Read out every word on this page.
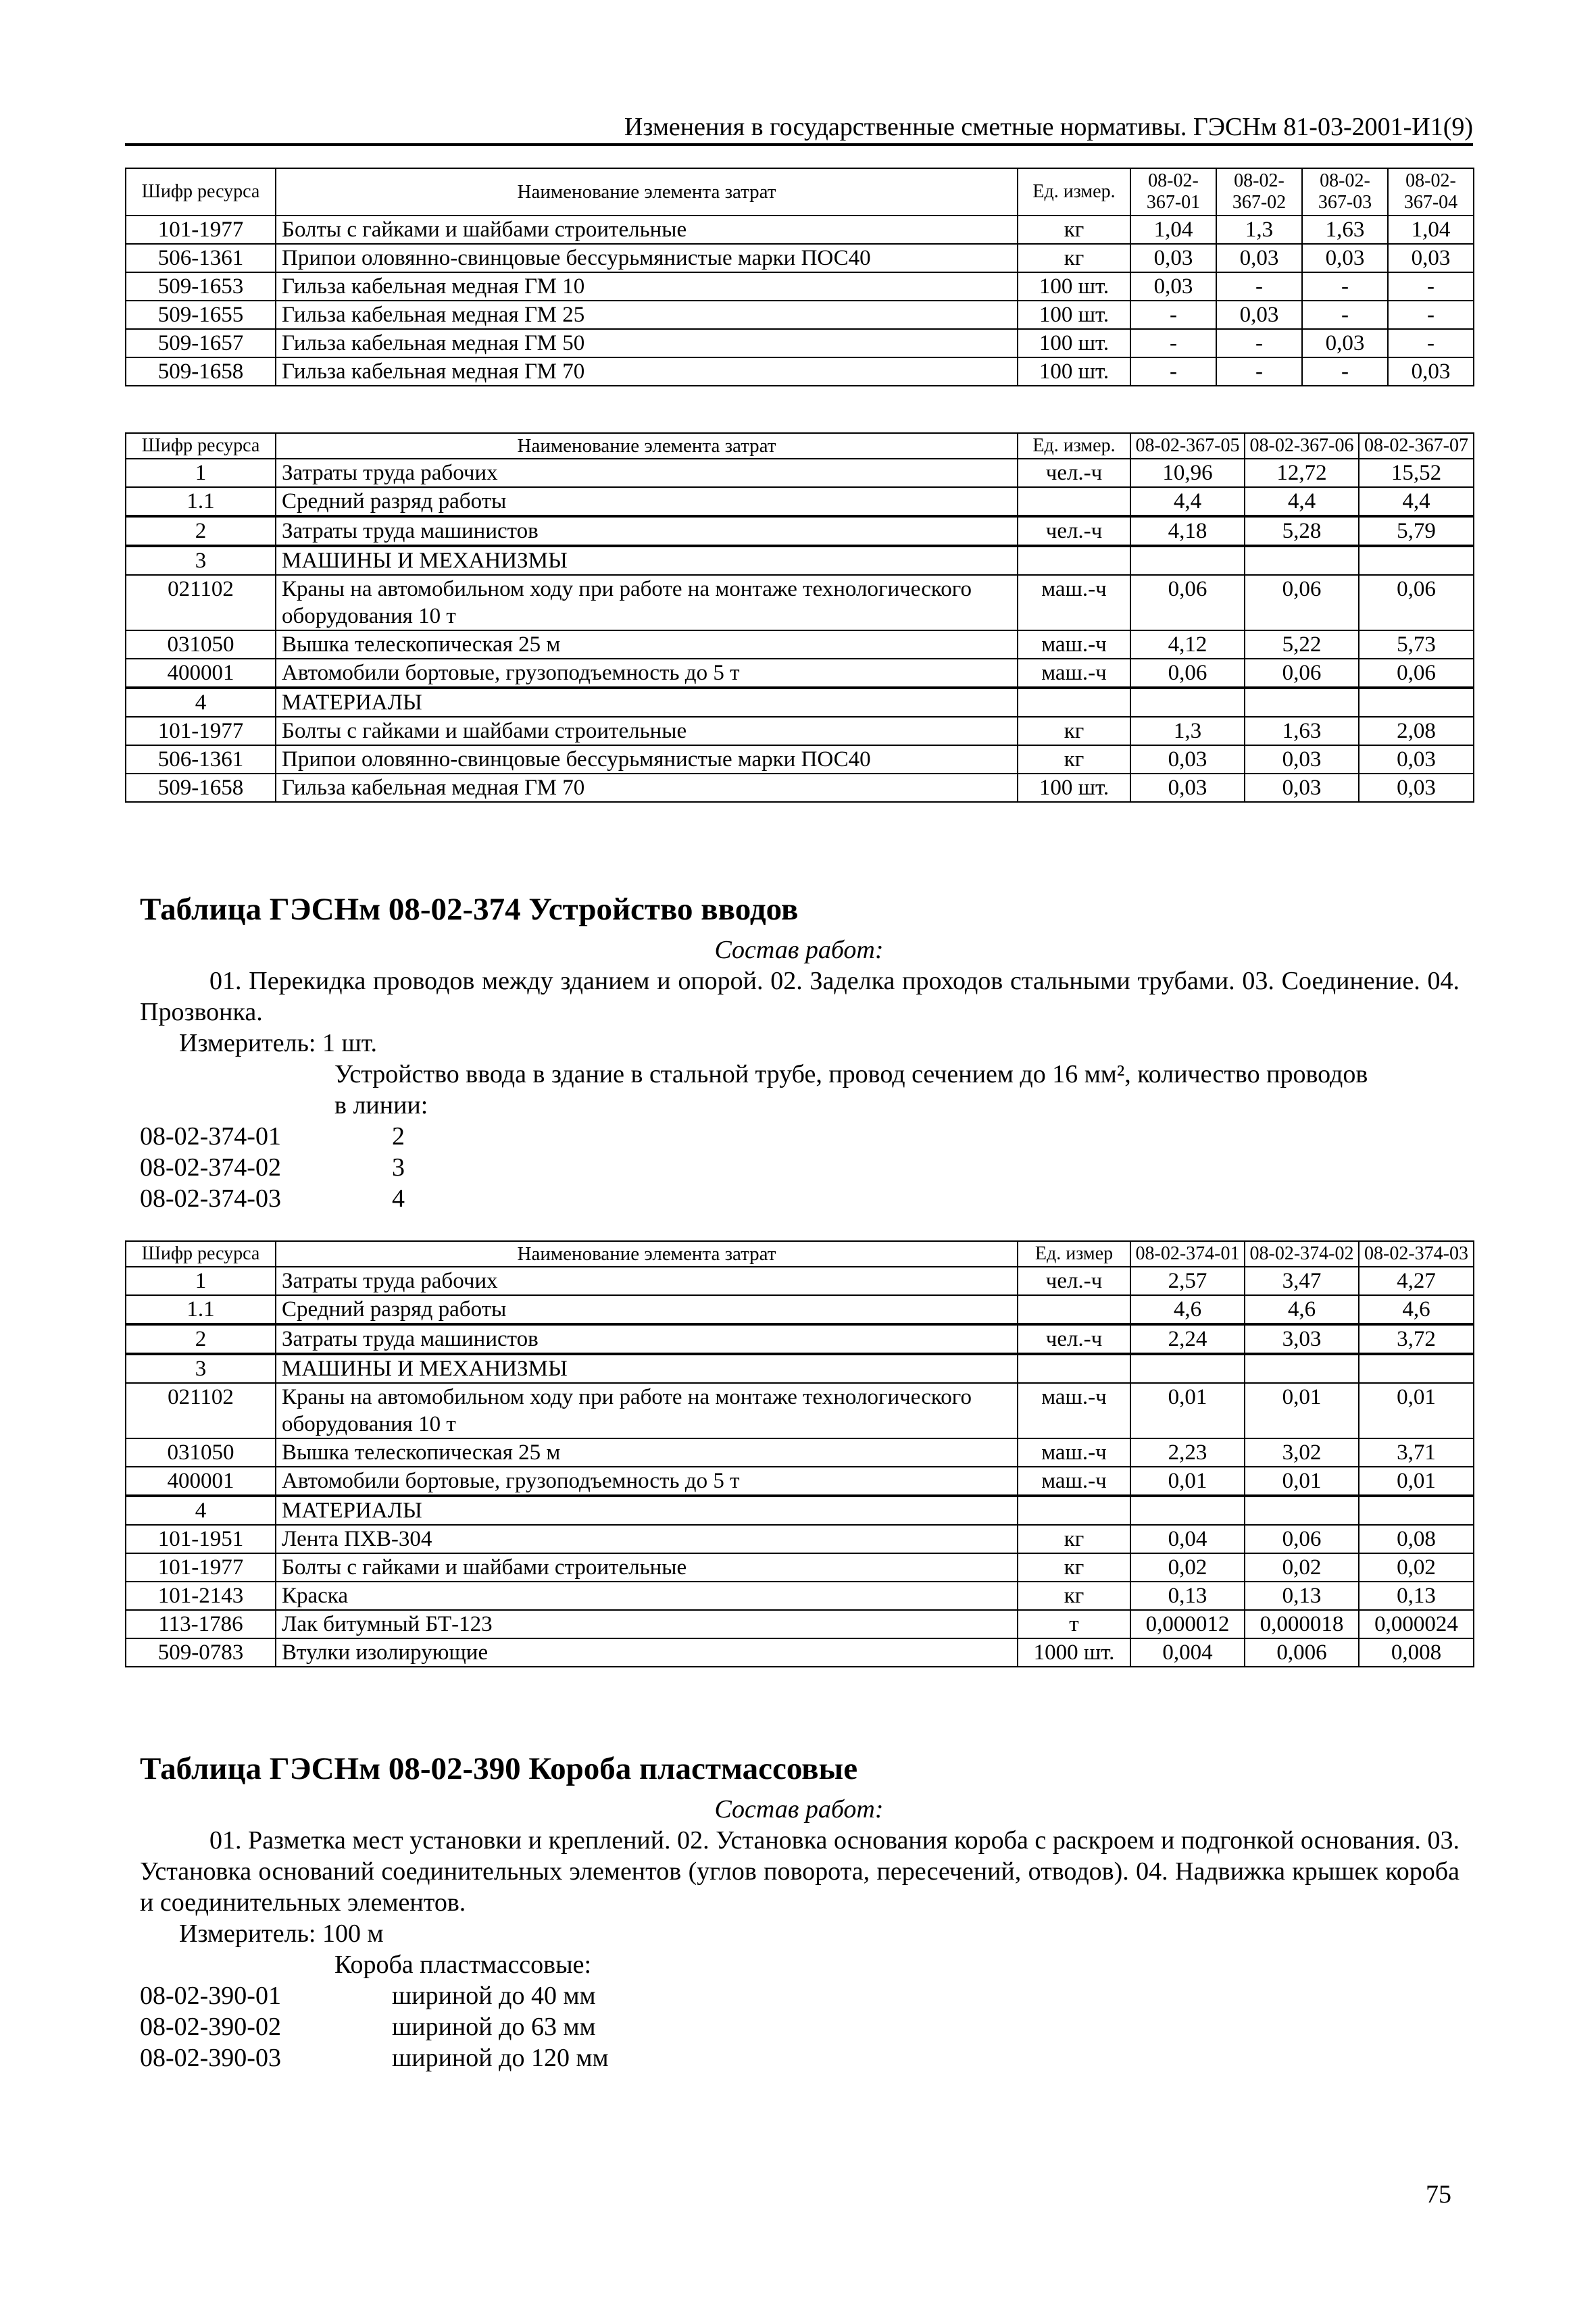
Изменения в государственные сметные нормативы. ГЭСНм 81-03-2001-И1(9)
Шифр ресурса	Наименование элемента затрат	Ед. измер.	08-02-367-01	08-02-367-02	08-02-367-03	08-02-367-04
101-1977	Болты с гайками и шайбами строительные	кг	1,04	1,3	1,63	1,04
506-1361	Припои оловянно-свинцовые бессурьмянистые марки ПОС40	кг	0,03	0,03	0,03	0,03
509-1653	Гильза кабельная медная ГМ 10	100 шт.	0,03	-	-	-
509-1655	Гильза кабельная медная ГМ 25	100 шт.	-	0,03	-	-
509-1657	Гильза кабельная медная ГМ 50	100 шт.	-	-	0,03	-
509-1658	Гильза кабельная медная ГМ 70	100 шт.	-	-	-	0,03
Шифр ресурса	Наименование элемента затрат	Ед. измер.	08-02-367-05	08-02-367-06	08-02-367-07
1	Затраты труда рабочих	чел.-ч	10,96	12,72	15,52
1.1	Средний разряд работы		4,4	4,4	4,4
2	Затраты труда машинистов	чел.-ч	4,18	5,28	5,79
3	МАШИНЫ И МЕХАНИЗМЫ				
021102	Краны на автомобильном ходу при работе на монтаже технологического оборудования 10 т	маш.-ч	0,06	0,06	0,06
031050	Вышка телескопическая 25 м	маш.-ч	4,12	5,22	5,73
400001	Автомобили бортовые, грузоподъемность до 5 т	маш.-ч	0,06	0,06	0,06
4	МАТЕРИАЛЫ				
101-1977	Болты с гайками и шайбами строительные	кг	1,3	1,63	2,08
506-1361	Припои оловянно-свинцовые бессурьмянистые марки ПОС40	кг	0,03	0,03	0,03
509-1658	Гильза кабельная медная ГМ 70	100 шт.	0,03	0,03	0,03
Таблица ГЭСНм 08-02-374 Устройство вводов
Состав работ:
01. Перекидка проводов между зданием и опорой. 02. Заделка проходов стальными трубами. 03. Соединение. 04. Прозвонка.
Измеритель: 1 шт.
Устройство ввода в здание в стальной трубе, провод сечением до 16 мм², количество проводов
в линии:
08-02-374-01	2
08-02-374-02	3
08-02-374-03	4
Шифр ресурса	Наименование элемента затрат	Ед. измер	08-02-374-01	08-02-374-02	08-02-374-03
1	Затраты труда рабочих	чел.-ч	2,57	3,47	4,27
1.1	Средний разряд работы		4,6	4,6	4,6
2	Затраты труда машинистов	чел.-ч	2,24	3,03	3,72
3	МАШИНЫ И МЕХАНИЗМЫ				
021102	Краны на автомобильном ходу при работе на монтаже технологического оборудования 10 т	маш.-ч	0,01	0,01	0,01
031050	Вышка телескопическая 25 м	маш.-ч	2,23	3,02	3,71
400001	Автомобили бортовые, грузоподъемность до 5 т	маш.-ч	0,01	0,01	0,01
4	МАТЕРИАЛЫ				
101-1951	Лента ПХВ-304	кг	0,04	0,06	0,08
101-1977	Болты с гайками и шайбами строительные	кг	0,02	0,02	0,02
101-2143	Краска	кг	0,13	0,13	0,13
113-1786	Лак битумный БТ-123	т	0,000012	0,000018	0,000024
509-0783	Втулки изолирующие	1000 шт.	0,004	0,006	0,008
Таблица ГЭСНм 08-02-390 Короба пластмассовые
Состав работ:
01. Разметка мест установки и креплений. 02. Установка основания короба с раскроем и подгонкой основания. 03. Установка оснований соединительных элементов (углов поворота, пересечений, отводов). 04. Надвижка крышек короба и соединительных элементов.
Измеритель: 100 м
Короба пластмассовые:
08-02-390-01	шириной до 40 мм
08-02-390-02	шириной до 63 мм
08-02-390-03	шириной до 120 мм
75
